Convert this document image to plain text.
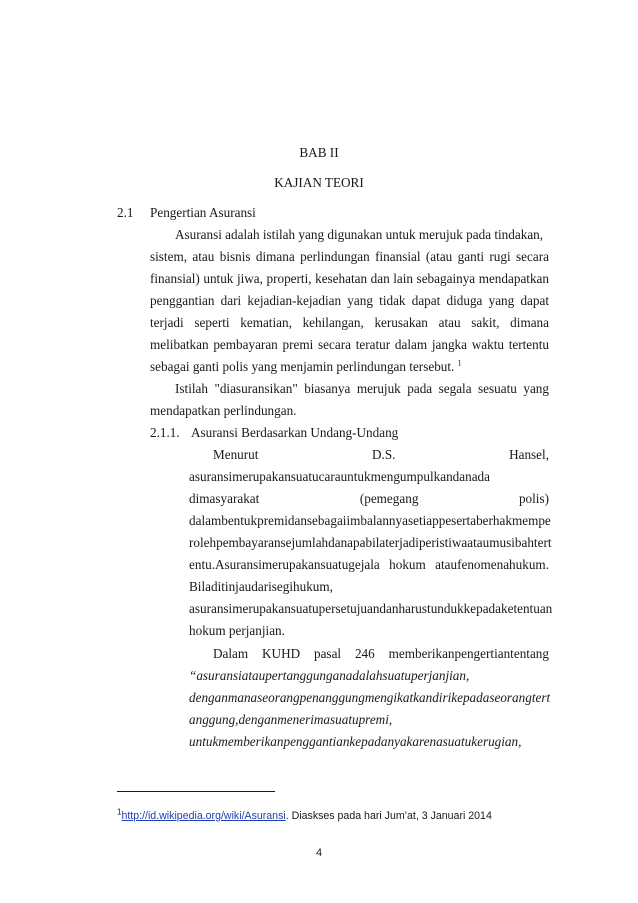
BAB II

KAJIAN TEORI

2.1 Pengertian Asuransi

Asuransi adalah istilah yang digunakan untuk merujuk pada tindakan,

sistem, atau bisnis dimana perlindungan finansial (atau ganti rugi secara

finansial) untuk jiwa, properti, kesehatan dan lain sebagainya mendapatkan

penggantian dari kejadian-kejadian yang tidak dapat diduga yang dapat

terjadi seperti kematian, kehilangan, kerusakan atau sakit, dimana

melibatkan pembayaran premi secara teratur dalam jangka waktu tertentu

sebagai ganti polis yang menjamin perlindungan tersebut. $^1$

Istilah "diasuransikan" biasanya merujuk pada segala sesuatu yang

mendapatkan perlindungan.

2.1.1. Asuransi Berdasarkan Undang-Undang

Menurut D.S. Hansel,

asuransimerupakansuatucarauntukmengumpulkandanada

dimasyarakat (pemegang polis)

dalambentukpremidansebagaiimbalannyasetiappesertaberhakmempe

rolehpembayaransejumlahdanapabilaterjadiperistiwaataumusibahtert

entu.Asuransimerupakansuatugejala hokum ataufenomenahukum.

Biladitinjaudarisegihukum,

asuransimerupakansuatupersetujuandanharustundukkepadaketentuan

hokum perjanjian.

Dalam KUHD pasal 246 memberikanpengertiantentang

“asuransiataupertanggunganadalahsuatuperjanjian,

denganmanaseorangpenanggungmengikatkandirikepadaseorangtert

anggung,denganmenerimasuatupremi,

untukmemberikanpenggantiankepadanyakarenasuatukerugian,

$^1$http://id.wikipedia.org/wiki/Asuransi. Diaskses pada hari Jum’at, 3 Januari 2014

4
